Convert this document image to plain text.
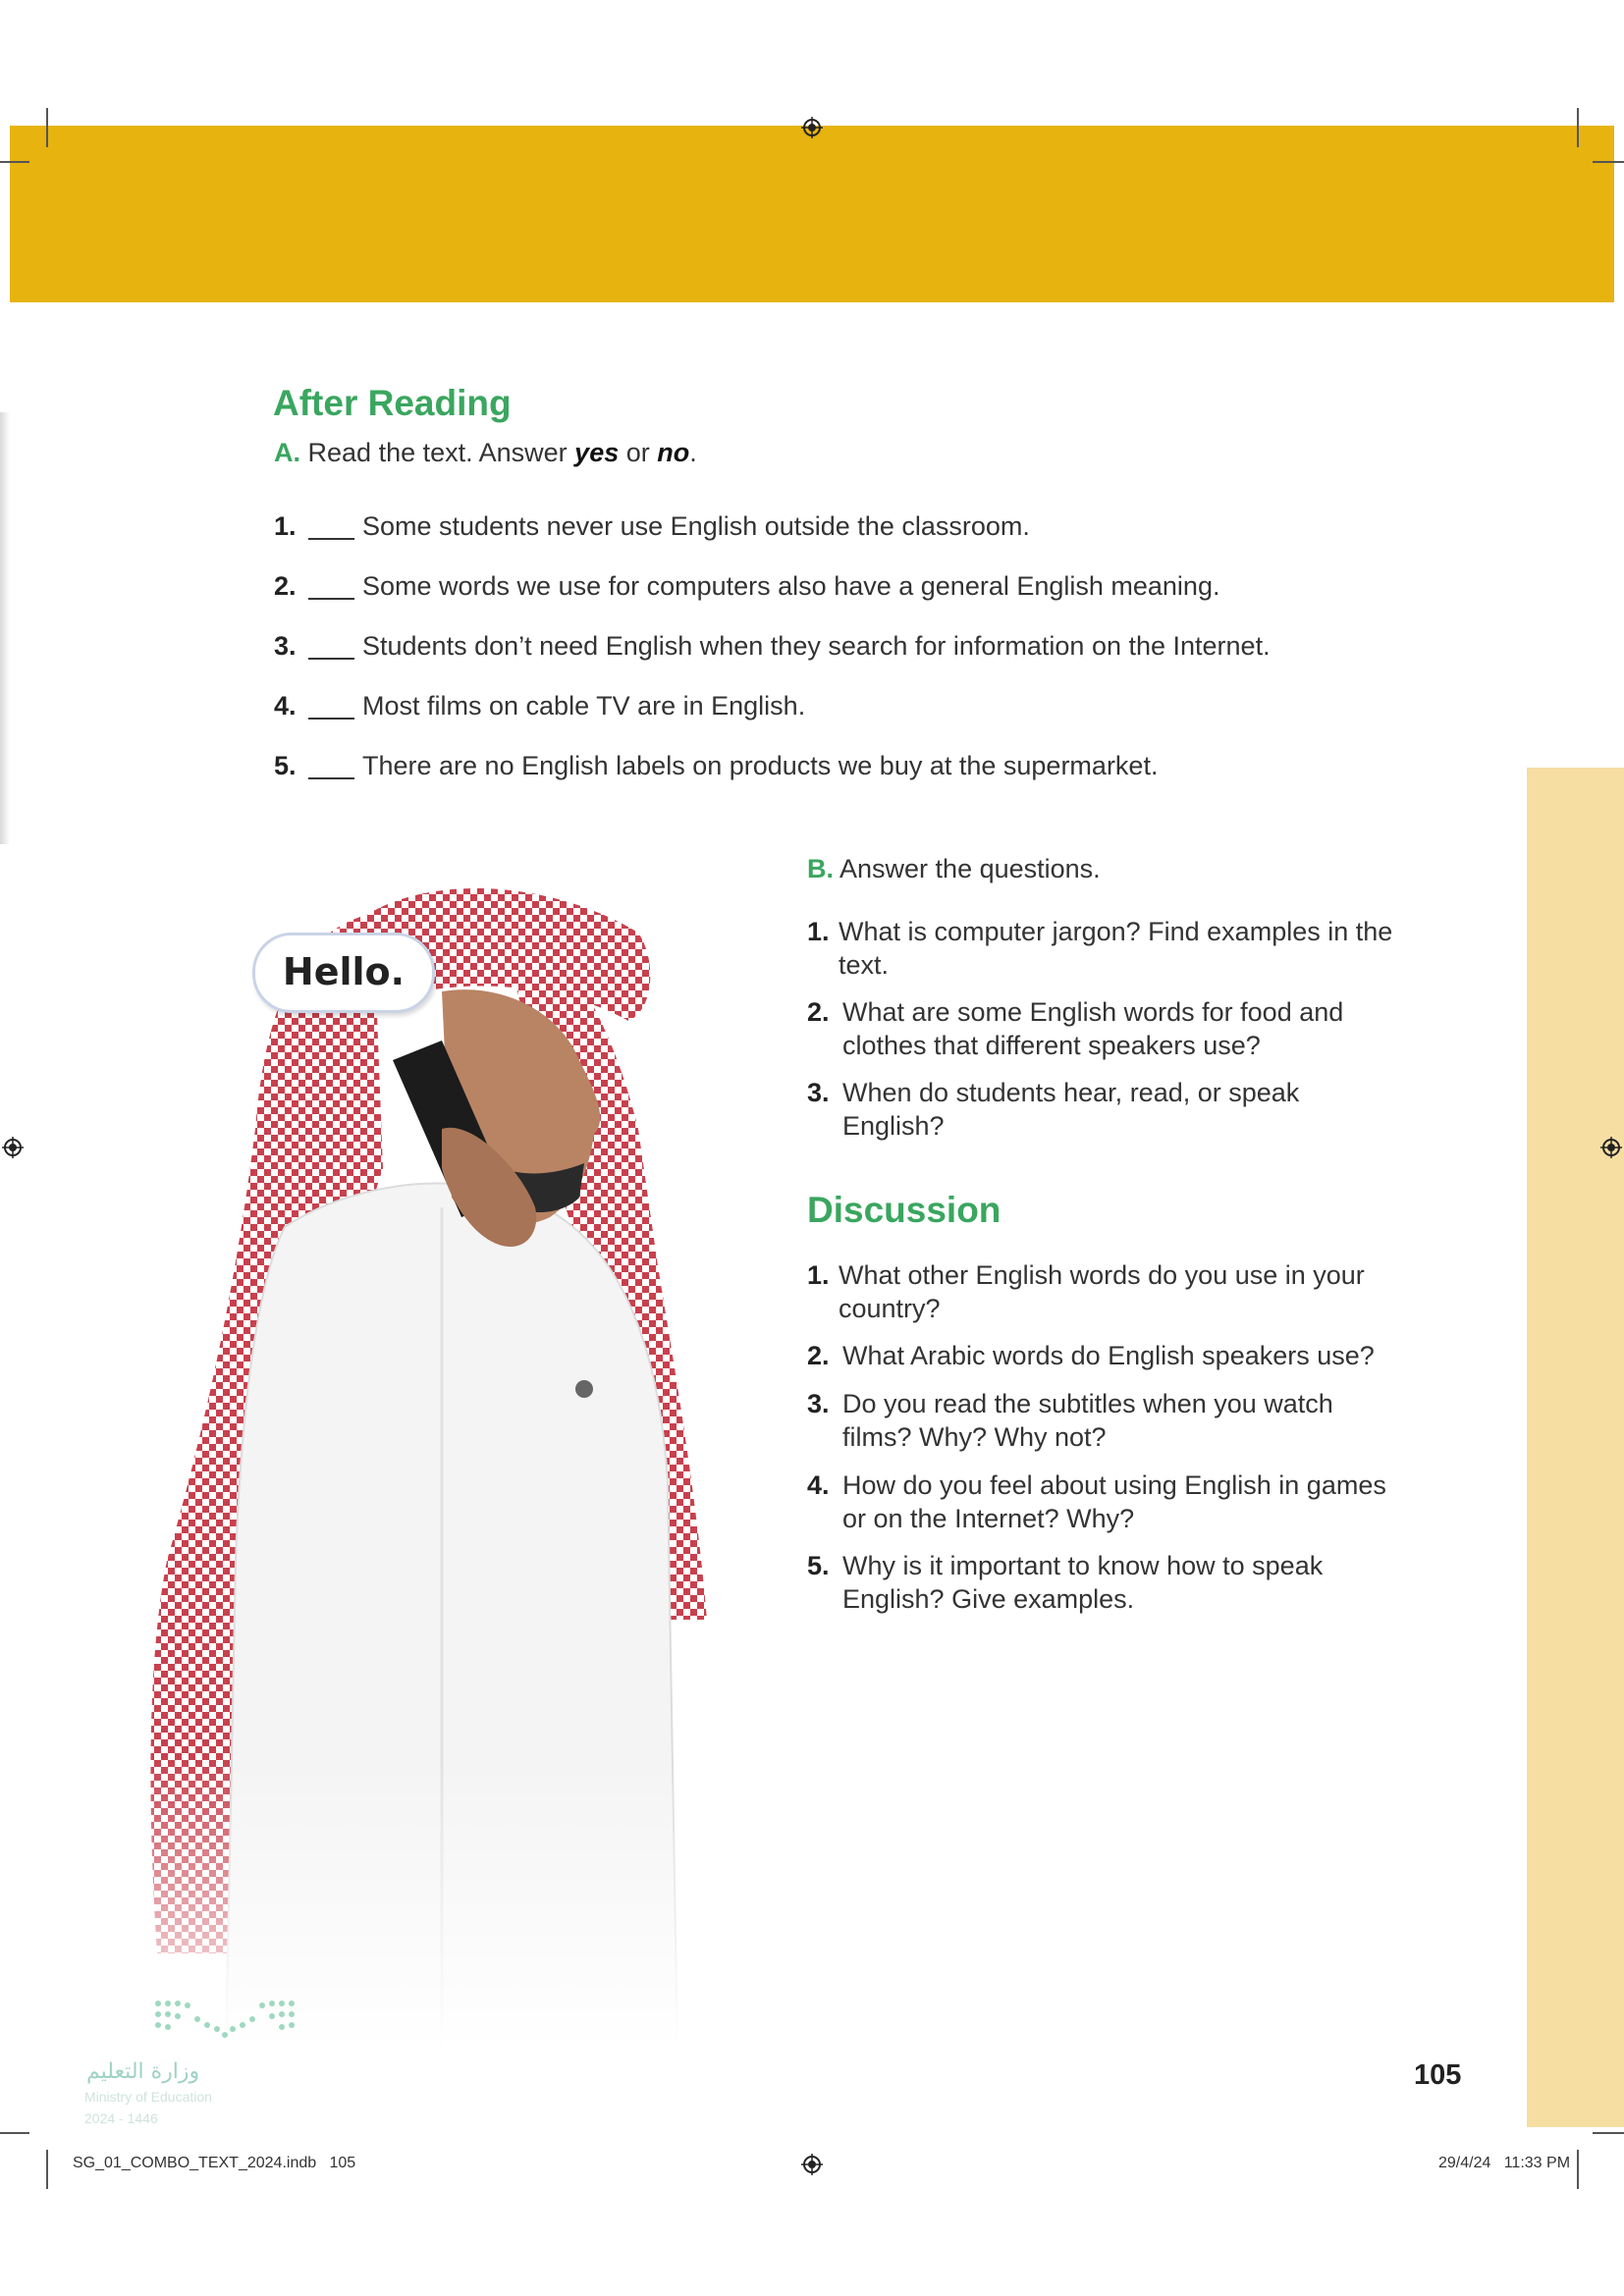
After Reading
A. Read the text. Answer yes or no.
1. Some students never use English outside the classroom.
2. Some words we use for computers also have a general English meaning.
3. Students don’t need English when they search for information on the Internet.
4. Most films on cable TV are in English.
5. There are no English labels on products we buy at the supermarket.
Hello.
B. Answer the questions.
1. What is computer jargon? Find examples in the text.
2. What are some English words for food and clothes that different speakers use?
3. When do students hear, read, or speak English?
Discussion
1. What other English words do you use in your country?
2. What Arabic words do English speakers use?
3. Do you read the subtitles when you watch films? Why? Why not?
4. How do you feel about using English in games or on the Internet? Why?
5. Why is it important to know how to speak English? Give examples.
105
وزارة التعليم
Ministry of Education
2024 - 1446
SG_01_COMBO_TEXT_2024.indb   105	29/4/24   11:33 PM
